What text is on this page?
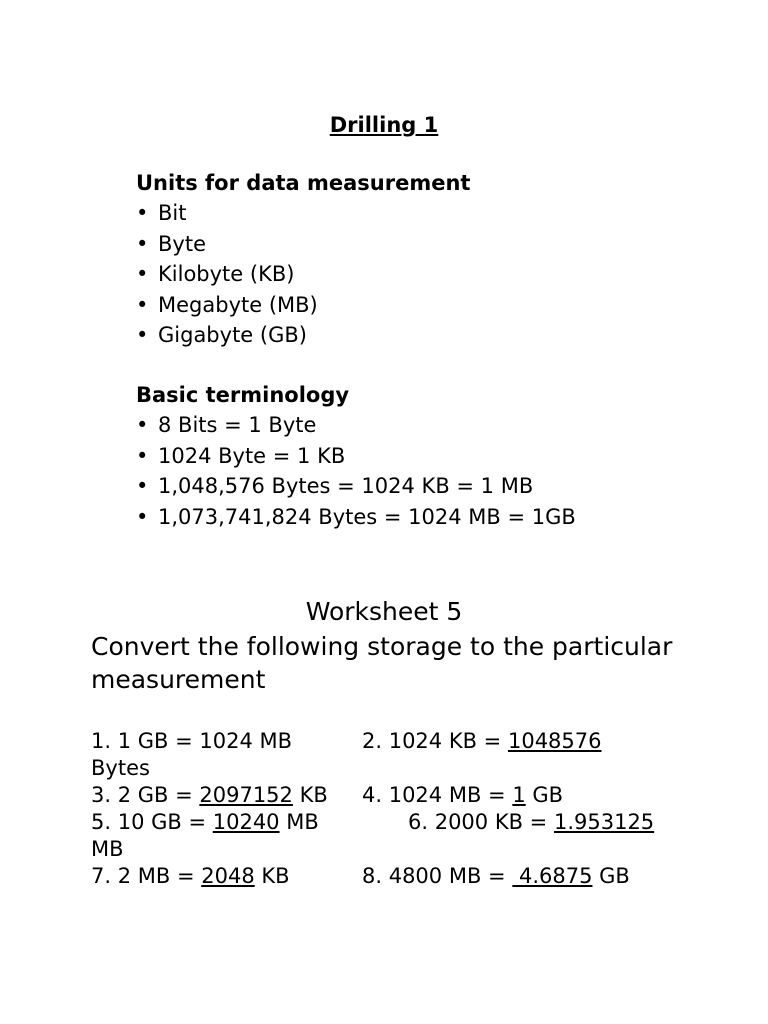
Drilling 1
Units for data measurement
• Bit
• Byte
• Kilobyte (KB)
• Megabyte (MB)
• Gigabyte (GB)
Basic terminology
• 8 Bits = 1 Byte
• 1024 Byte = 1 KB
• 1,048,576 Bytes = 1024 KB = 1 MB
• 1,073,741,824 Bytes = 1024 MB = 1GB
Worksheet 5
Convert the following storage to the particular measurement
1. 1 GB = 1024 MB	2. 1024 KB = 1048576
Bytes
3. 2 GB = 2097152 KB 4. 1024 MB = 1 GB
5. 10 GB = 10240 MB	6. 2000 KB = 1.953125
MB
7. 2 MB = 2048 KB	8. 4800 MB =  4.6875 GB
